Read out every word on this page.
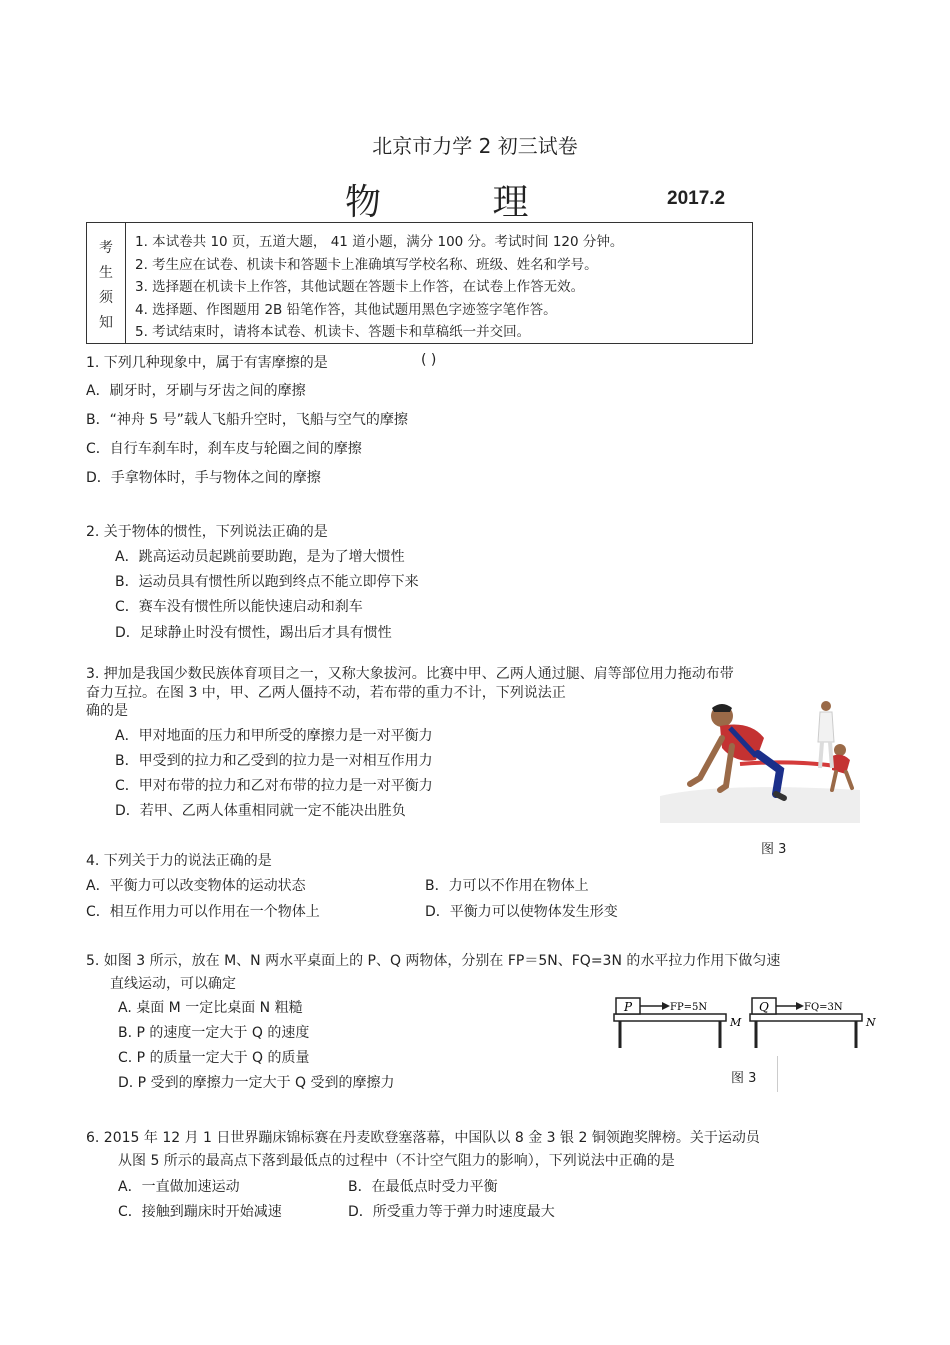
北京市力学 2 初三试卷
物 理	2017.2
考
生
须
知
1. 本试卷共 10 页，五道大题， 41 道小题，满分 100 分。考试时间 120 分钟。
2. 考生应在试卷、机读卡和答题卡上准确填写学校名称、班级、姓名和学号。
3. 选择题在机读卡上作答，其他试题在答题卡上作答，在试卷上作答无效。
4. 选择题、作图题用 2B 铅笔作答，其他试题用黑色字迹签字笔作答。
5. 考试结束时，请将本试卷、机读卡、答题卡和草稿纸一并交回。
1. 下列几种现象中，属于有害摩擦的是	( )
A．刷牙时，牙刷与牙齿之间的摩擦
B．“神舟 5 号”载人飞船升空时，飞船与空气的摩擦
C．自行车刹车时，刹车皮与轮圈之间的摩擦
D．手拿物体时，手与物体之间的摩擦
2. 关于物体的惯性，下列说法正确的是
A．跳高运动员起跳前要助跑，是为了增大惯性
B．运动员具有惯性所以跑到终点不能立即停下来
C．赛车没有惯性所以能快速启动和刹车
D．足球静止时没有惯性，踢出后才具有惯性
3. 押加是我国少数民族体育项目之一，又称大象拔河。比赛中甲、乙两人通过腿、肩等部位用力拖动布带
奋力互拉。在图 3 中，甲、乙两人僵持不动，若布带的重力不计，下列说法正
确的是
A．甲对地面的压力和甲所受的摩擦力是一对平衡力
B．甲受到的拉力和乙受到的拉力是一对相互作用力
C．甲对布带的拉力和乙对布带的拉力是一对平衡力
D．若甲、乙两人体重相同就一定不能决出胜负
图 3
4. 下列关于力的说法正确的是
A．平衡力可以改变物体的运动状态	B．力可以不作用在物体上
C．相互作用力可以作用在一个物体上	D．平衡力可以使物体发生形变
5. 如图 3 所示，放在 M、N 两水平桌面上的 P、Q 两物体，分别在 FP＝5N、FQ=3N 的水平拉力作用下做匀速
直线运动，可以确定
A. 桌面 M 一定比桌面 N 粗糙
B. P 的速度一定大于 Q 的速度
C. P 的质量一定大于 Q 的质量
D. P 受到的摩擦力一定大于 Q 受到的摩擦力
P	FP=5N
M
Q	FQ=3N
N
图 3
6. 2015 年 12 月 1 日世界蹦床锦标赛在丹麦欧登塞落幕，中国队以 8 金 3 银 2 铜领跑奖牌榜。关于运动员
从图 5 所示的最高点下落到最低点的过程中（不计空气阻力的影响），下列说法中正确的是
A．一直做加速运动	B．在最低点时受力平衡
C．接触到蹦床时开始减速	D．所受重力等于弹力时速度最大
